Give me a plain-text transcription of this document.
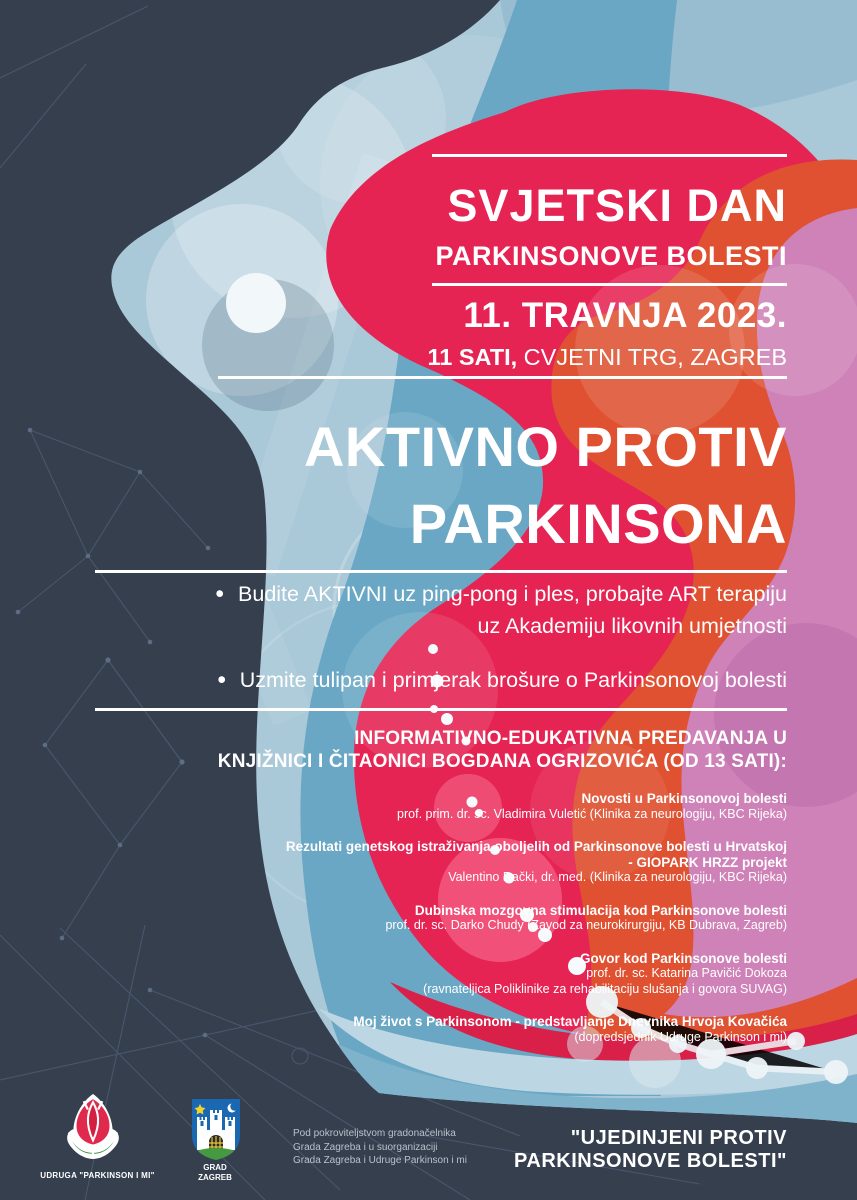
SVJETSKI DAN
PARKINSONOVE BOLESTI
11. TRAVNJA 2023.
11 SATI, CVJETNI TRG, ZAGREB
AKTIVNO PROTIV
PARKINSONA
• Budite AKTIVNI uz ping-pong i ples, probajte ART terapiju
uz Akademiju likovnih umjetnosti
• Uzmite tulipan i primjerak brošure o Parkinsonovoj bolesti
INFORMATIVNO-EDUKATIVNA PREDAVANJA U
KNJIŽNICI I ČITAONICI BOGDANA OGRIZOVIĆA (OD 13 SATI):
Novosti u Parkinsonovoj bolesti
prof. prim. dr. sc. Vladimira Vuletić (Klinika za neurologiju, KBC Rijeka)
Rezultati genetskog istraživanja oboljelih od Parkinsonove bolesti u Hrvatskoj
- GIOPARK HRZZ projekt
Valentino Rački, dr. med. (Klinika za neurologiju, KBC Rijeka)
Dubinska mozgovna stimulacija kod Parkinsonove bolesti
prof. dr. sc. Darko Chudy (Zavod za neurokirurgiju, KB Dubrava, Zagreb)
Govor kod Parkinsonove bolesti
prof. dr. sc. Katarina Pavičić Dokoza
(ravnateljica Poliklinike za rehabilitaciju slušanja i govora SUVAG)
Moj život s Parkinsonom - predstavljanje Dnevnika Hrvoja Kovačića
(dopredsjednik Udruge Parkinson i mi)
UDRUGA "PARKINSON I MI"
GRAD ZAGREB
Pod pokroviteljstvom gradonačelnika
Grada Zagreba i u suorganizaciji
Grada Zagreba i Udruge Parkinson i mi
"UJEDINJENI PROTIV
PARKINSONOVE BOLESTI"
